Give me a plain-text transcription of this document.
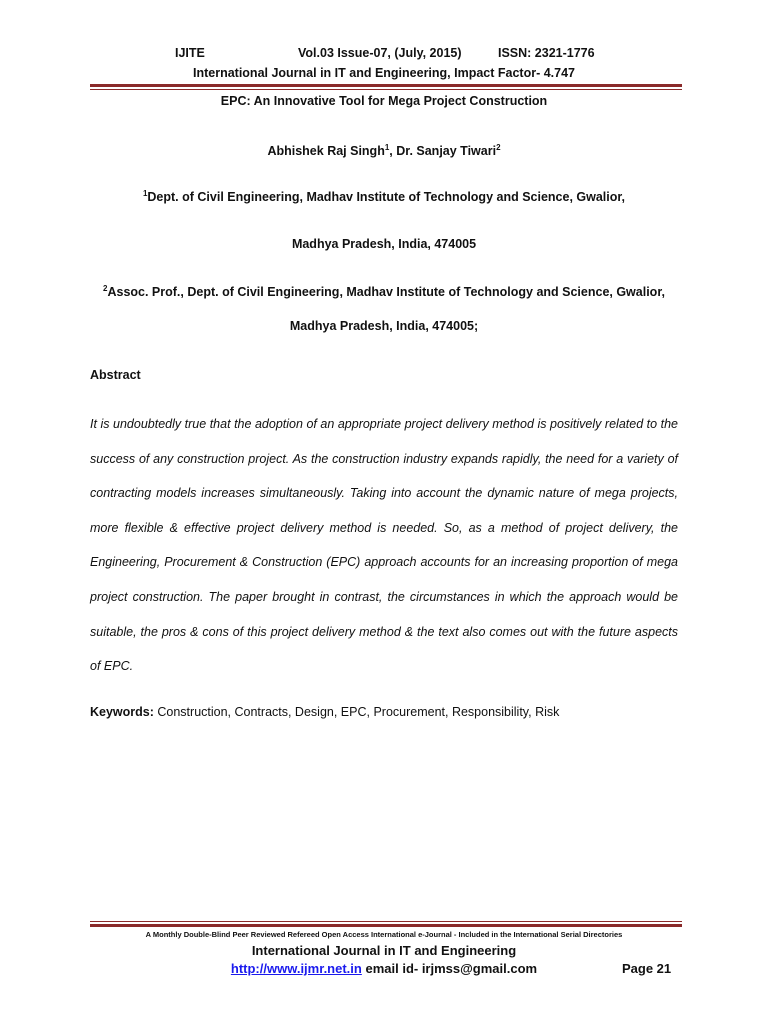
IJITE	Vol.03 Issue-07, (July, 2015)	ISSN: 2321-1776
International Journal in IT and Engineering, Impact Factor- 4.747
EPC: An Innovative Tool for Mega Project Construction
Abhishek Raj Singh$^1$, Dr. Sanjay Tiwari$^2$
$^1$Dept. of Civil Engineering, Madhav Institute of Technology and Science, Gwalior,
Madhya Pradesh, India, 474005
$^2$Assoc. Prof., Dept. of Civil Engineering, Madhav Institute of Technology and Science, Gwalior,
Madhya Pradesh, India, 474005;
Abstract
It is undoubtedly true that the adoption of an appropriate project delivery method is positively related to the success of any construction project. As the construction industry expands rapidly, the need for a variety of contracting models increases simultaneously. Taking into account the dynamic nature of mega projects, more flexible & effective project delivery method is needed. So, as a method of project delivery, the Engineering, Procurement & Construction (EPC) approach accounts for an increasing proportion of mega project construction. The paper brought in contrast, the circumstances in which the approach would be suitable, the pros & cons of this project delivery method & the text also comes out with the future aspects of EPC.
Keywords: Construction, Contracts, Design, EPC, Procurement, Responsibility, Risk
A Monthly Double-Blind Peer Reviewed Refereed Open Access International e-Journal - Included in the International Serial Directories
International Journal in IT and Engineering
http://www.ijmr.net.in email id- irjmss@gmail.com	Page 21
